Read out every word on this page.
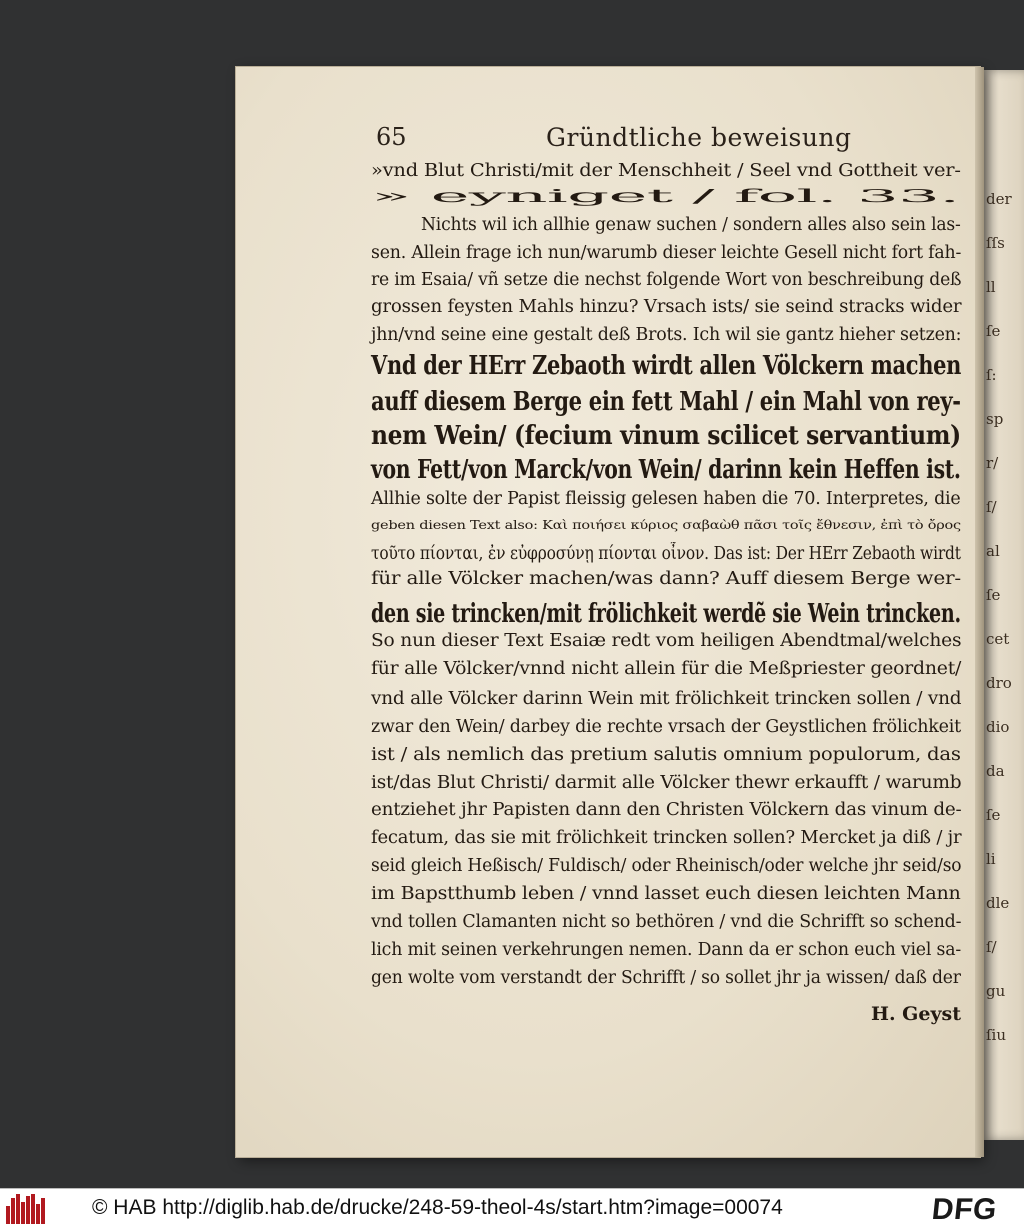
der
ſſs
ll
ſe
ſ:
sp
r/
ſ/
al
ſe
cet
dro
dio
da
ſe
li
dle
ſ/
gu
ſiu
65	Gründtliche beweisung
»vnd Blut Christi/mit der Menschheit / Seel vnd Gottheit ver-
» eyniget / fol. 33.
Nichts wil ich allhie genaw suchen / sondern alles also sein las-
sen. Allein frage ich nun/warumb dieser leichte Gesell nicht fort fah-
re im Esaia/ vñ setze die nechst folgende Wort von beschreibung deß
grossen feysten Mahls hinzu? Vrsach ists/ sie seind stracks wider
jhn/vnd seine eine gestalt deß Brots. Ich wil sie gantz hieher setzen:
Vnd der HErr Zebaoth wirdt allen Völckern machen
auff diesem Berge ein fett Mahl / ein Mahl von rey-
nem Wein/ (fecium vinum scilicet servantium)
von Fett/von Marck/von Wein/ darinn kein Heffen ist.
Allhie solte der Papist fleissig gelesen haben die 70. Interpretes, die
geben diesen Text also: Καὶ ποιήσει κύριος σαβαὼθ πᾶσι τοῖς ἔθνεσιν, ἐπὶ τὸ ὄρος
τοῦτο πίονται, ἐν εὐφροσύνῃ πίονται οἶνον. Das ist: Der HErr Zebaoth wirdt
für alle Völcker machen/was dann? Auff diesem Berge wer-
den sie trincken/mit frölichkeit werdẽ sie Wein trincken.
So nun dieser Text Esaiæ redt vom heiligen Abendtmal/welches
für alle Völcker/vnnd nicht allein für die Meßpriester geordnet/
vnd alle Völcker darinn Wein mit frölichkeit trincken sollen / vnd
zwar den Wein/ darbey die rechte vrsach der Geystlichen frölichkeit
ist / als nemlich das pretium salutis omnium populorum, das
ist/das Blut Christi/ darmit alle Völcker thewr erkaufft / warumb
entziehet jhr Papisten dann den Christen Völckern das vinum de-
fecatum, das sie mit frölichkeit trincken sollen? Mercket ja diß / jr
seid gleich Heßisch/ Fuldisch/ oder Rheinisch/oder welche jhr seid/so
im Bapstthumb leben / vnnd lasset euch diesen leichten Mann
vnd tollen Clamanten nicht so bethören / vnd die Schrifft so schend-
lich mit seinen verkehrungen nemen. Dann da er schon euch viel sa-
gen wolte vom verstandt der Schrifft / so sollet jhr ja wissen/ daß der
H. Geyst
© HAB http://diglib.hab.de/drucke/248-59-theol-4s/start.htm?image=00074	DFG
